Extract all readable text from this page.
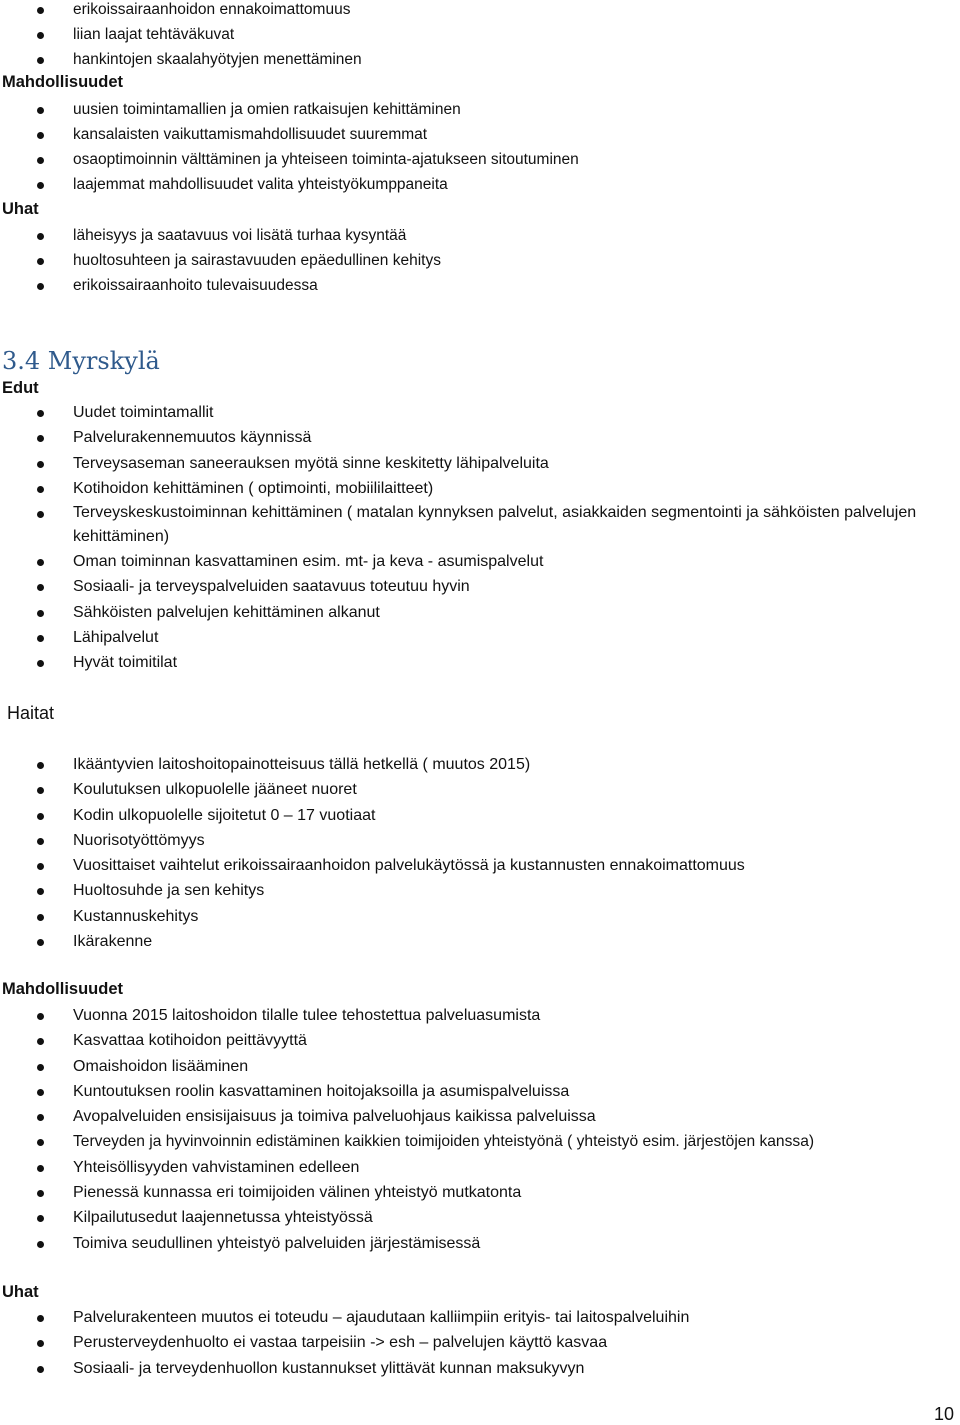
erikoissairaanhoidon ennakoimattomuus
liian laajat tehtäväkuvat
hankintojen skaalahyötyjen menettäminen
Mahdollisuudet
uusien toimintamallien ja omien ratkaisujen kehittäminen
kansalaisten vaikuttamismahdollisuudet suuremmat
osaoptimoinnin välttäminen ja yhteiseen toiminta-ajatukseen sitoutuminen
laajemmat mahdollisuudet valita yhteistyökumppaneita
Uhat
läheisyys ja saatavuus voi lisätä turhaa kysyntää
huoltosuhteen ja sairastavuuden epäedullinen kehitys
erikoissairaanhoito tulevaisuudessa
3.4 Myrskylä
Edut
Uudet toimintamallit
Palvelurakennemuutos käynnissä
Terveysaseman saneerauksen myötä sinne keskitetty lähipalveluita
Kotihoidon kehittäminen ( optimointi, mobiililaitteet)
Terveyskeskustoiminnan kehittäminen ( matalan kynnyksen palvelut, asiakkaiden segmentointi ja sähköisten palvelujen kehittäminen)
Oman toiminnan kasvattaminen esim. mt- ja keva - asumispalvelut
Sosiaali- ja terveyspalveluiden saatavuus toteutuu hyvin
Sähköisten palvelujen kehittäminen alkanut
Lähipalvelut
Hyvät toimitilat
Haitat
Ikääntyvien laitoshoitopainotteisuus tällä hetkellä ( muutos 2015)
Koulutuksen ulkopuolelle jääneet nuoret
Kodin ulkopuolelle sijoitetut 0 – 17 vuotiaat
Nuorisotyöttömyys
Vuosittaiset vaihtelut erikoissairaanhoidon palvelukäytössä ja kustannusten ennakoimattomuus
Huoltosuhde ja sen kehitys
Kustannuskehitys
Ikärakenne
Mahdollisuudet
Vuonna 2015 laitoshoidon tilalle tulee tehostettua palveluasumista
Kasvattaa kotihoidon peittävyyttä
Omaishoidon lisääminen
Kuntoutuksen roolin kasvattaminen hoitojaksoilla ja asumispalveluissa
Avopalveluiden ensisijaisuus ja toimiva palveluohjaus kaikissa palveluissa
Terveyden ja hyvinvoinnin edistäminen kaikkien toimijoiden yhteistyönä ( yhteistyö esim. järjestöjen kanssa)
Yhteisöllisyyden vahvistaminen edelleen
Pienessä kunnassa eri toimijoiden välinen yhteistyö mutkatonta
Kilpailutusedut laajennetussa yhteistyössä
Toimiva seudullinen yhteistyö palveluiden järjestämisessä
Uhat
Palvelurakenteen muutos ei toteudu – ajaudutaan kalliimpiin erityis- tai laitospalveluihin
Perusterveydenhuolto ei vastaa tarpeisiin -> esh – palvelujen käyttö kasvaa
Sosiaali- ja terveydenhuollon kustannukset ylittävät kunnan maksukyvyn
10
